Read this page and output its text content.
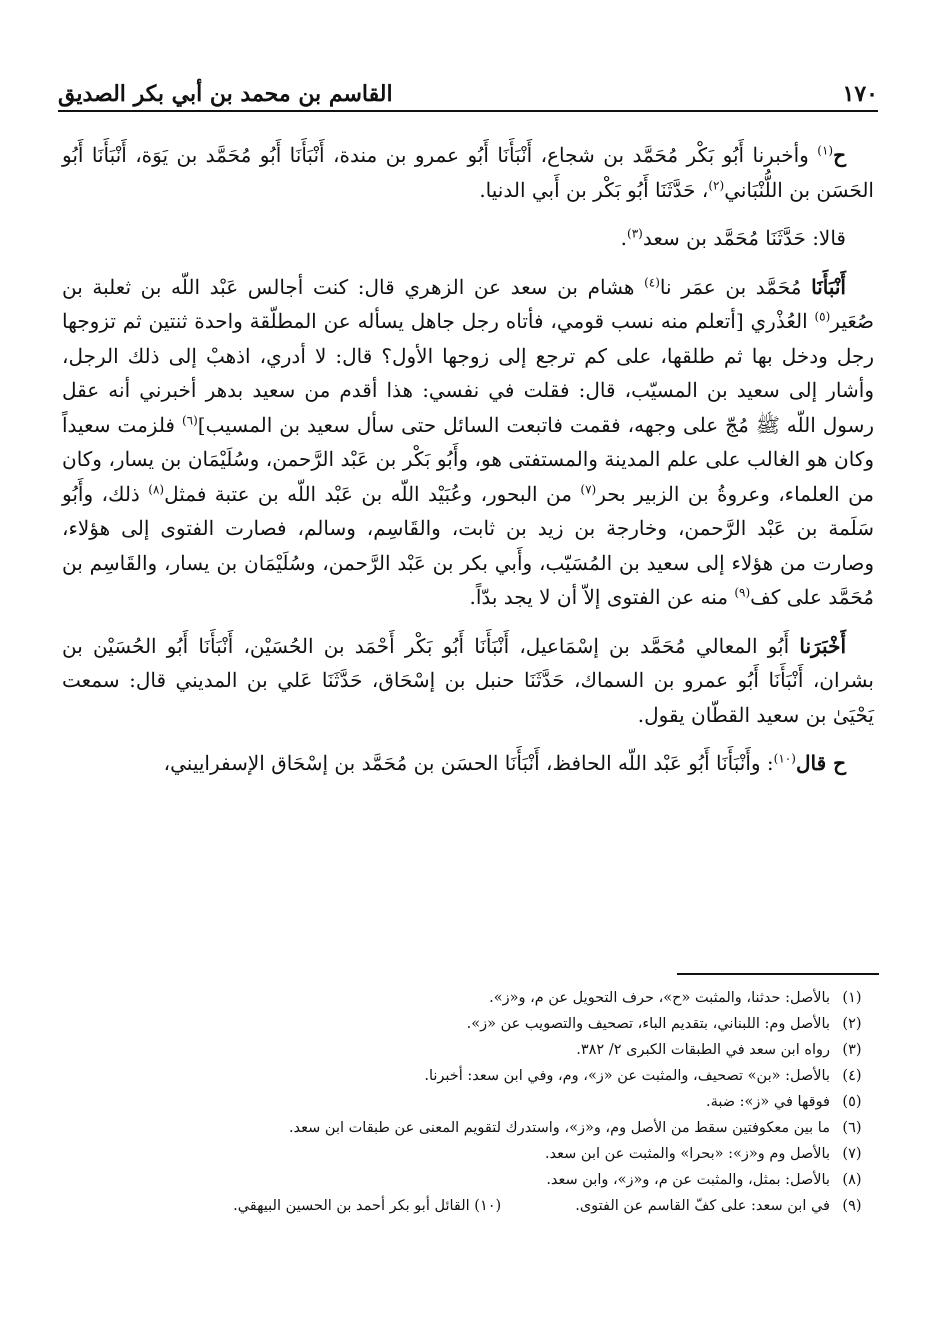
١٧٠
القاسم بن محمد بن أبي بكر الصديق

ح$^{(١)}$ وأخبرنا أَبُو بَكْر مُحَمَّد بن شجاع، أَنْبَأَنَا أَبُو عمرو بن مندة، أَنْبَأَنَا أَبُو مُحَمَّد بن يَوَة، أَنْبَأَنَا أَبُو الحَسَن بن اللُّنْبَاني$^{(٢)}$، حَدَّثَنَا أَبُو بَكْر بن أَبي الدنيا.

قالا: حَدَّثَنَا مُحَمَّد بن سعد$^{(٣)}$.

أَنْبَأَنَا مُحَمَّد بن عمَر نا$^{(٤)}$ هشام بن سعد عن الزهري قال: كنت أجالس عَبْد اللّه بن ثعلبة بن صُعَير$^{(٥)}$ العُذْري [أتعلم منه نسب قومي، فأتاه رجل جاهل يسأله عن المطلّقة واحدة ثنتين ثم تزوجها رجل ودخل بها ثم طلقها، على كم ترجع إلى زوجها الأول؟ قال: لا أدري، اذهبْ إلى ذلك الرجل، وأشار إلى سعيد بن المسيّب، قال: فقلت في نفسي: هذا أقدم من سعيد بدهر أخبرني أنه عقل رسول اللّه ﷺ مُجّ على وجهه، فقمت فاتبعت السائل حتى سأل سعيد بن المسيب]$^{(٦)}$ فلزمت سعيداً وكان هو الغالب على علم المدينة والمستفتى هو، وأَبُو بَكْر بن عَبْد الرَّحمن، وسُلَيْمَان بن يسار، وكان من العلماء، وعروةُ بن الزبير بحر$^{(٧)}$ من البحور، وعُبَيْد اللّه بن عَبْد اللّه بن عتبة فمثل$^{(٨)}$ ذلك، وأَبُو سَلَمة بن عَبْد الرَّحمن، وخارجة بن زيد بن ثابت، والقَاسِم، وسالم، فصارت الفتوى إلى هؤلاء، وصارت من هؤلاء إلى سعيد بن المُسَيّب، وأَبي بكر بن عَبْد الرَّحمن، وسُلَيْمَان بن يسار، والقَاسِم بن مُحَمَّد على كف$^{(٩)}$ منه عن الفتوى إلاّ أن لا يجد بدّاً.

أَخْبَرَنا أَبُو المعالي مُحَمَّد بن إسْمَاعيل، أَنْبَأَنَا أَبُو بَكْر أَحْمَد بن الحُسَيْن، أَنْبَأَنَا أَبُو الحُسَيْن بن بشران، أَنْبَأَنَا أَبُو عمرو بن السماك، حَدَّثَنَا حنبل بن إسْحَاق، حَدَّثَنَا عَلي بن المديني قال: سمعت يَحْيَىٰ بن سعيد القطّان يقول.

ح قال$^{(١٠)}$: وأَنْبَأَنَا أَبُو عَبْد اللّه الحافظ، أَنْبَأَنَا الحسَن بن مُحَمَّد بن إسْحَاق الإسفراييني،

(١)
بالأصل: حدثنا، والمثبت «ح»، حرف التحويل عن م، و«ز».
(٢)
بالأصل وم: اللبناني، بتقديم الباء، تصحيف والتصويب عن «ز».
(٣)
رواه ابن سعد في الطبقات الكبرى ٢/ ٣٨٢.
(٤)
بالأصل: «بن» تصحيف، والمثبت عن «ز»، وم، وفي ابن سعد: أخبرنا.
(٥)
فوقها في «ز»: ضبة.
(٦)
ما بين معكوفتين سقط من الأصل وم، و«ز»، واستدرك لتقويم المعنى عن طبقات ابن سعد.
(٧)
بالأصل وم و«ز»: «بحرا» والمثبت عن ابن سعد.
(٨)
بالأصل: بمثل، والمثبت عن م، و«ز»، وابن سعد.
(٩)
في ابن سعد: على كفّ القاسم عن الفتوى.
(١٠) القائل أبو بكر أحمد بن الحسين البيهقي.
